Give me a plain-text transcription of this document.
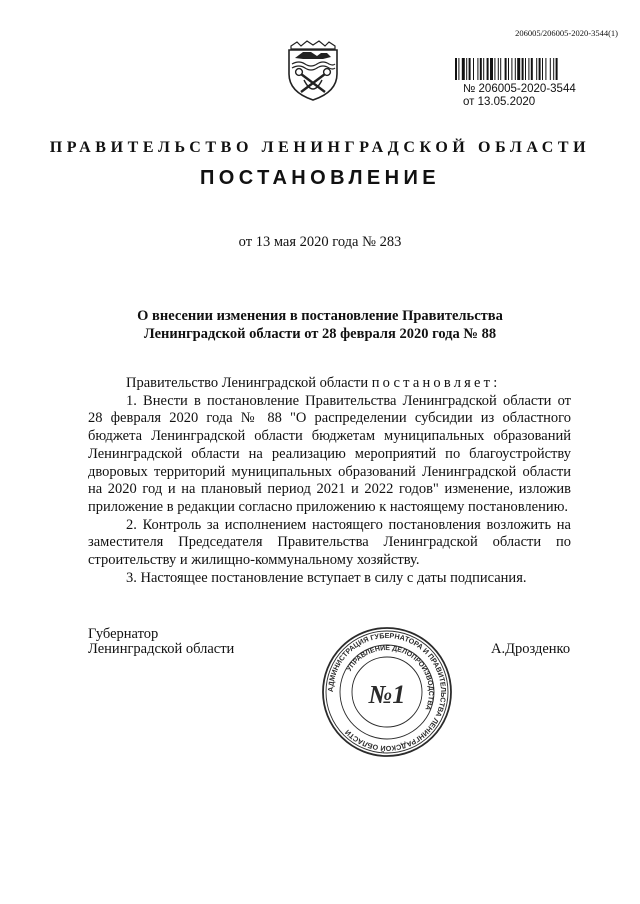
206005/206005-2020-3544(1)
№ 206005-2020-3544
от 13.05.2020
ПРАВИТЕЛЬСТВО ЛЕНИНГРАДСКОЙ ОБЛАСТИ
ПОСТАНОВЛЕНИЕ
от 13 мая 2020 года № 283
О внесении изменения в постановление Правительства
Ленинградской области от 28 февраля 2020 года № 88

Правительство Ленинградской области постановляет:

1. Внести в постановление Правительства Ленинградской области от 28 февраля 2020 года № 88 "О распределении субсидии из областного бюджета Ленинградской области бюджетам муниципальных образований Ленинградской области на реализацию мероприятий по благоустройству дворовых территорий муниципальных образований Ленинградской области на 2020 год и на плановый период 2021 и 2022 годов" изменение, изложив приложение в редакции согласно приложению к настоящему постановлению.

2. Контроль за исполнением настоящего постановления возложить на заместителя Председателя Правительства Ленинградской области по строительству и жилищно-коммунальному хозяйству.

3. Настоящее постановление вступает в силу с даты подписания.

Губернатор
Ленинградской области	А.Дрозденко
АДМИНИСТРАЦИЯ ГУБЕРНАТОРА И ПРАВИТЕЛЬСТВА ЛЕНИНГРАДСКОЙ ОБЛАСТИ
УПРАВЛЕНИЕ ДЕЛОПРОИЗВОДСТВА
№1
